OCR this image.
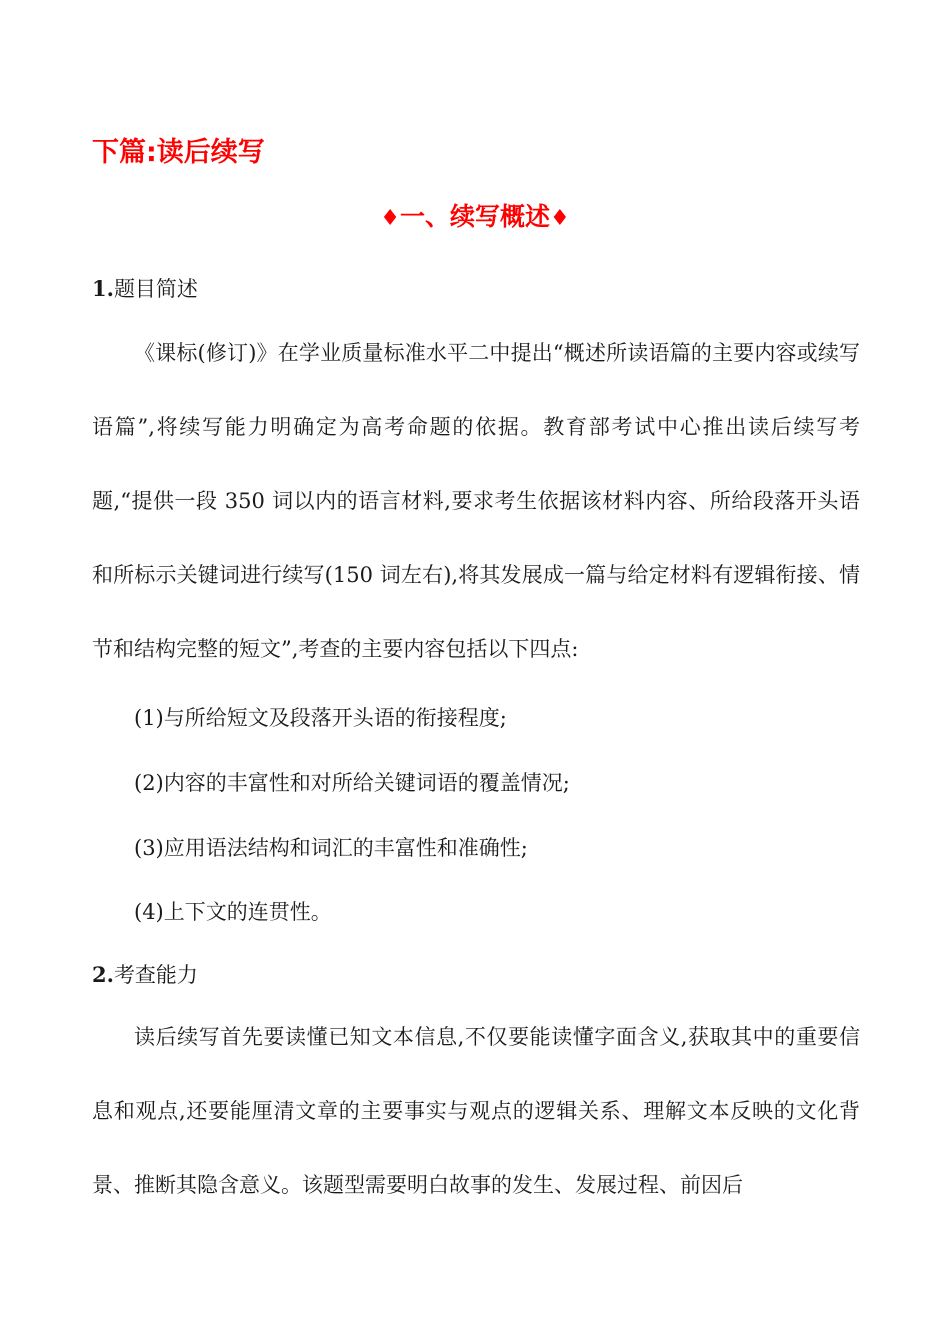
下篇:读后续写
♦一、续写概述♦
1.题目简述
《课标(修订)》在学业质量标准水平二中提出“概述所读语篇的主要内容或续写语篇”,将续写能力明确定为高考命题的依据。教育部考试中心推出读后续写考题,“提供一段 350 词以内的语言材料,要求考生依据该材料内容、所给段落开头语和所标示关键词进行续写(150 词左右),将其发展成一篇与给定材料有逻辑衔接、情节和结构完整的短文”,考查的主要内容包括以下四点:
(1)与所给短文及段落开头语的衔接程度;
(2)内容的丰富性和对所给关键词语的覆盖情况;
(3)应用语法结构和词汇的丰富性和准确性;
(4)上下文的连贯性。
2.考查能力
读后续写首先要读懂已知文本信息,不仅要能读懂字面含义,获取其中的重要信息和观点,还要能厘清文章的主要事实与观点的逻辑关系、理解文本反映的文化背景、推断其隐含意义。该题型需要明白故事的发生、发展过程、前因后
